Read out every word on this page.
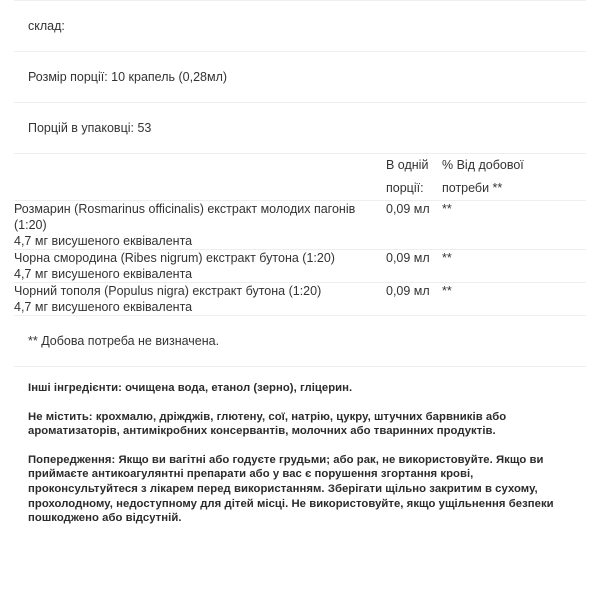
склад:
Розмір порції: 10 крапель (0,28мл)
Порцій в упаковці: 53
	В одній
порції:	% Від добової
потреби **

Розмарин (Rosmarinus officinalis) екстракт молодих пагонів (1:20)
4,7 мг висушеного еквівалента	0,09 мл	**
Чорна смородина (Ribes nigrum) екстракт бутона (1:20)
4,7 мг висушеного еквівалента	0,09 мл	**
Чорний тополя (Populus nigra) екстракт бутона (1:20)
4,7 мг висушеного еквівалента	0,09 мл	**
** Добова потреба не визначена.

Інші інгредієнти: очищена вода, етанол (зерно), гліцерин.

Не містить: крохмалю, дріжджів, глютену, сої, натрію, цукру, штучних барвників або ароматизаторів, антимікробних консервантів, молочних або тваринних продуктів.

Попередження: Якщо ви вагітні або годуєте грудьми; або рак, не використовуйте. Якщо ви приймаєте антикоагулянтні препарати або у вас є порушення згортання крові, проконсультуйтеся з лікарем перед використанням. Зберігати щільно закритим в сухому, прохолодному, недоступному для дітей місці. Не використовуйте, якщо ущільнення безпеки пошкоджено або відсутній.
